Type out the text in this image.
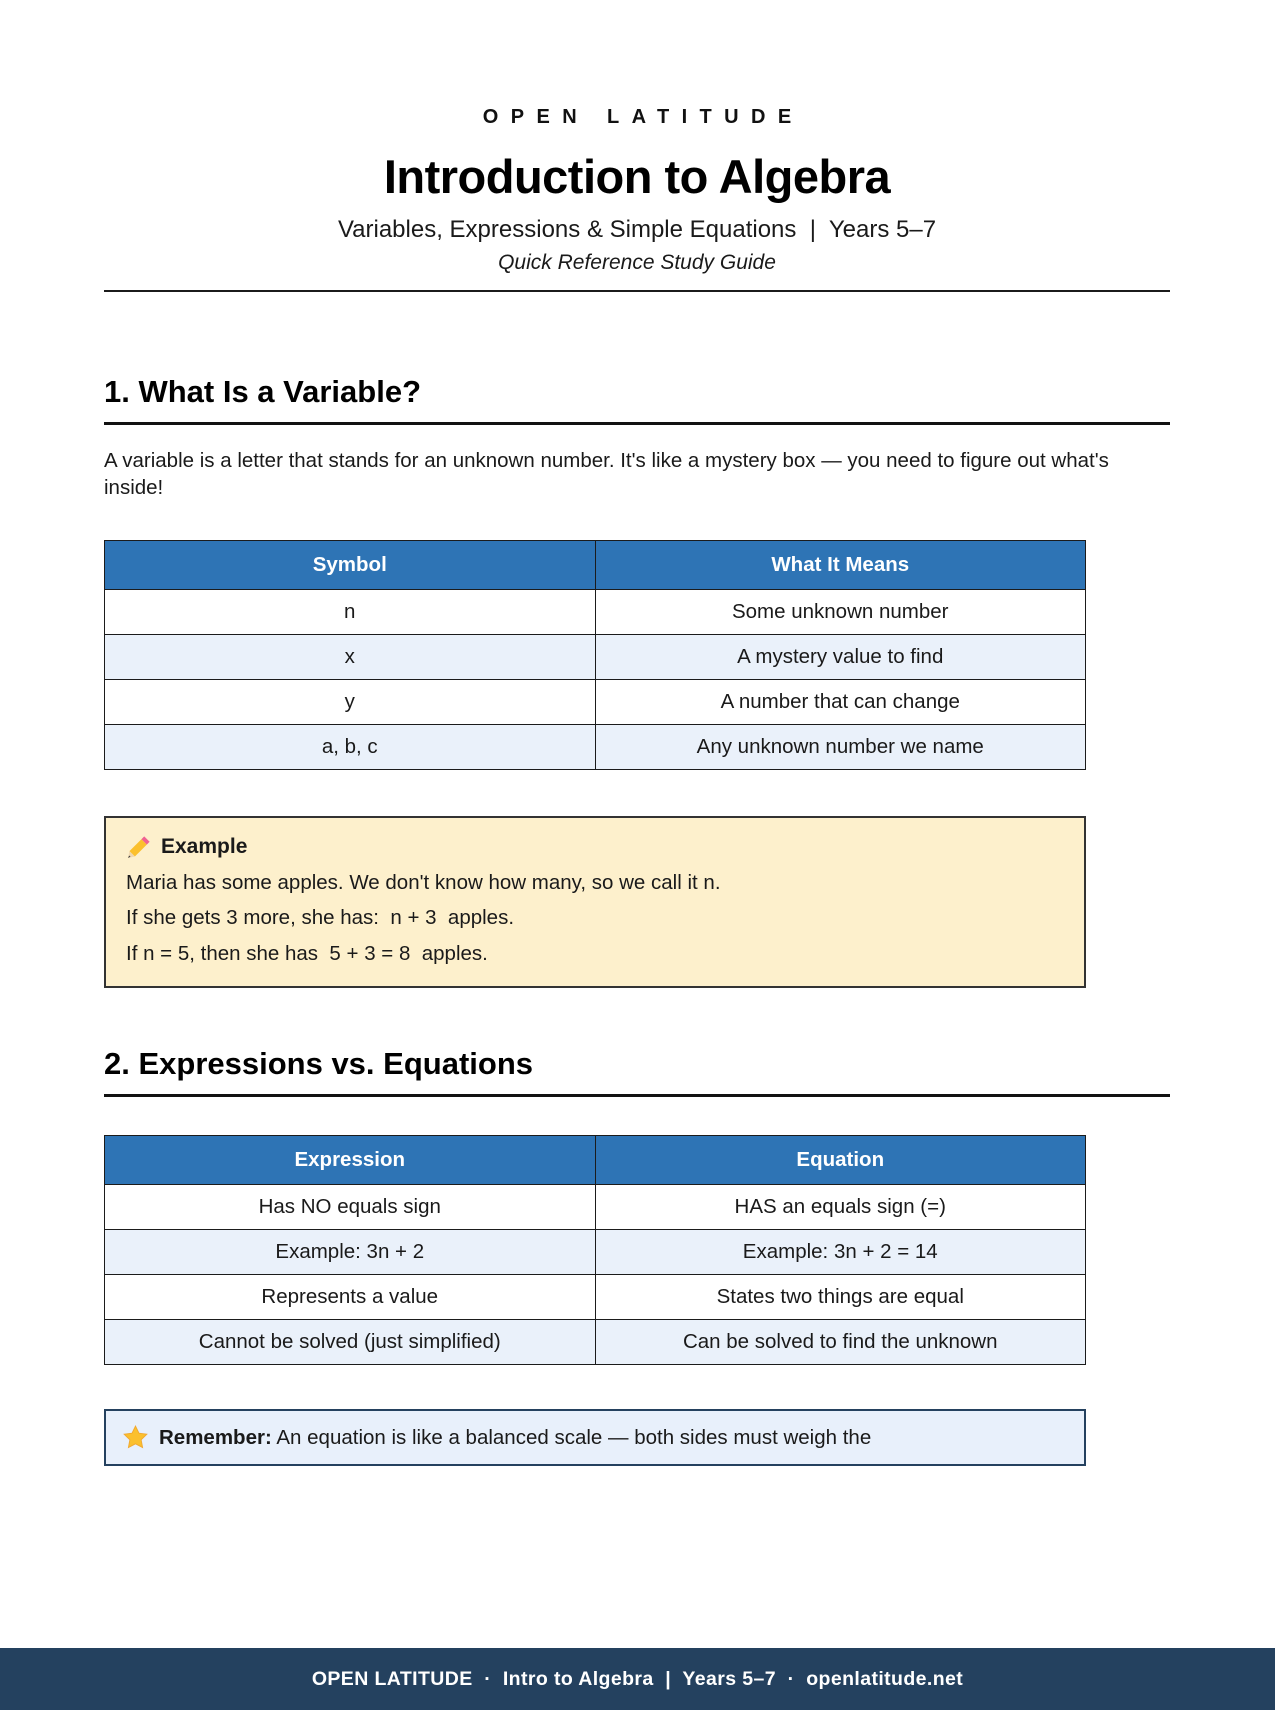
OPEN LATITUDE
Introduction to Algebra
Variables, Expressions & Simple Equations  |  Years 5–7
Quick Reference Study Guide
1. What Is a Variable?

A variable is a letter that stands for an unknown number. It's like a mystery box — you need to figure out what's inside!

Symbol	What It Means
n	Some unknown number
x	A mystery value to find
y	A number that can change
a, b, c	Any unknown number we name
Example
Maria has some apples. We don't know how many, so we call it n.
If she gets 3 more, she has:  n + 3  apples.
If n = 5, then she has  5 + 3 = 8  apples.
2. Expressions vs. Equations
Expression	Equation
Has NO equals sign	HAS an equals sign (=)
Example: 3n + 2	Example: 3n + 2 = 14
Represents a value	States two things are equal
Cannot be solved (just simplified)	Can be solved to find the unknown
Remember: An equation is like a balanced scale — both sides must weigh the
OPEN LATITUDE  ·  Intro to Algebra  |  Years 5–7  ·  openlatitude.net
